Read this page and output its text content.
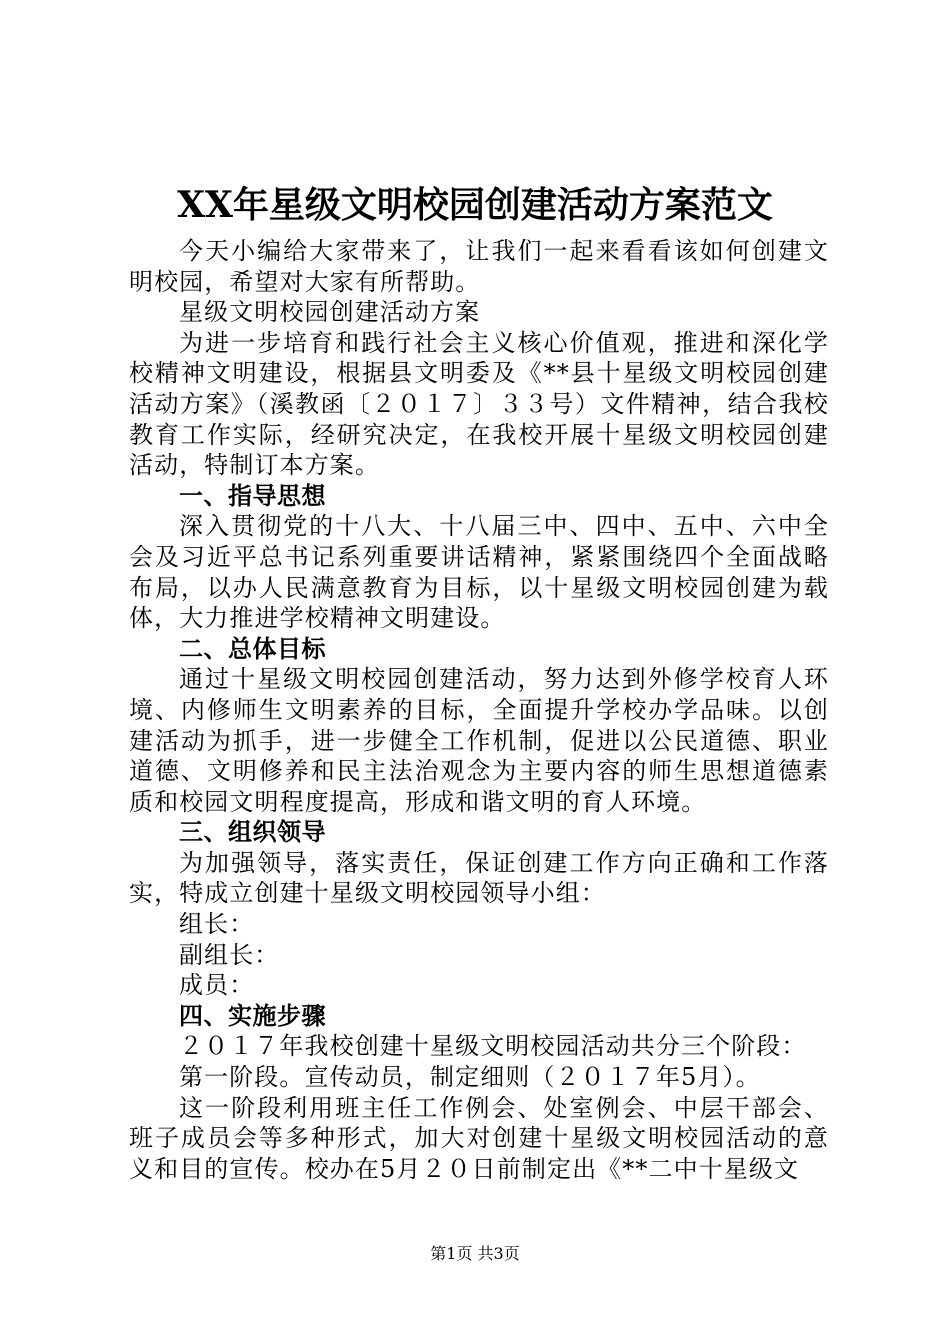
XX年星级文明校园创建活动方案范文

今天小编给大家带来了，让我们一起来看看该如何创建文明校园，希望对大家有所帮助。

星级文明校园创建活动方案

为进一步培育和践行社会主义核心价值观，推进和深化学校精神文明建设，根据县文明委及《**县十星级文明校园创建活动方案》（溪教函〔２０１７〕３３号）文件精神，结合我校教育工作实际，经研究决定，在我校开展十星级文明校园创建活动，特制订本方案。

一、指导思想

深入贯彻党的十八大、十八届三中、四中、五中、六中全会及习近平总书记系列重要讲话精神，紧紧围绕四个全面战略布局，以办人民满意教育为目标，以十星级文明校园创建为载体，大力推进学校精神文明建设。

二、总体目标

通过十星级文明校园创建活动，努力达到外修学校育人环境、内修师生文明素养的目标，全面提升学校办学品味。以创建活动为抓手，进一步健全工作机制，促进以公民道德、职业道德、文明修养和民主法治观念为主要内容的师生思想道德素质和校园文明程度提高，形成和谐文明的育人环境。

三、组织领导

为加强领导，落实责任，保证创建工作方向正确和工作落实，特成立创建十星级文明校园领导小组：

组长：

副组长：

成员：

四、实施步骤

２０１７年我校创建十星级文明校园活动共分三个阶段：

第一阶段。宣传动员，制定细则（２０１７年5月）。

这一阶段利用班主任工作例会、处室例会、中层干部会、班子成员会等多种形式，加大对创建十星级文明校园活动的意义和目的宣传。校办在5月２０日前制定出《**二中十星级文

第1页 共3页
